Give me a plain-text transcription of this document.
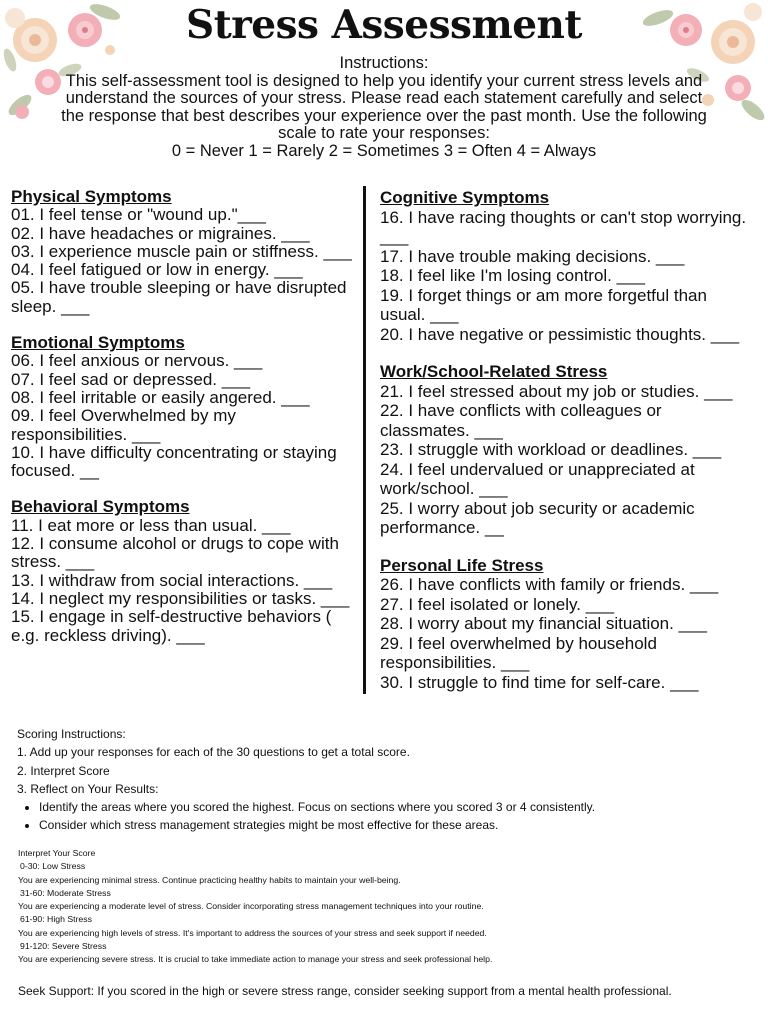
Stress Assessment

Instructions:

This self-assessment tool is designed to help you identify your current stress levels and understand the sources of your stress. Please read each statement carefully and select the response that best describes your experience over the past month. Use the following scale to rate your responses:

0 = Never 1 = Rarely 2 = Sometimes 3 = Often 4 = Always

Physical Symptoms

01. I feel tense or "wound up."___

02. I have headaches or migraines. ___

03. I experience muscle pain or stiffness. ___

04. I feel fatigued or low in energy. ___

05. I have trouble sleeping or have disrupted sleep. ___

Emotional Symptoms

06. I feel anxious or nervous. ___

07. I feel sad or depressed. ___

08. I feel irritable or easily angered. ___

09. I feel Overwhelmed by my responsibilities. ___

10. I have difficulty concentrating or staying focused. __

Behavioral Symptoms

11. I eat more or less than usual. ___

12. I consume alcohol or drugs to cope with stress. ___

13. I withdraw from social interactions. ___

14. I neglect my responsibilities or tasks. ___

15. I engage in self-destructive behaviors ( e.g. reckless driving). ___

Cognitive Symptoms

16. I have racing thoughts or can't stop worrying. ___

17. I have trouble making decisions. ___

18. I feel like I'm losing control. ___

19. I forget things or am more forgetful than usual. ___

20. I have negative or pessimistic thoughts. ___

Work/School-Related Stress

21. I feel stressed about my job or studies. ___

22. I have conflicts with colleagues or classmates. ___

23. I struggle with workload or deadlines. ___

24. I feel undervalued or unappreciated at work/school. ___

25. I worry about job security or academic performance. __

Personal Life Stress

26. I have conflicts with family or friends. ___

27. I feel isolated or lonely. ___

28. I worry about my financial situation. ___

29. I feel overwhelmed by household responsibilities. ___

30. I struggle to find time for self-care. ___

Scoring Instructions:

1. Add up your responses for each of the 30 questions to get a total score.

2. Interpret Score

3. Reflect on Your Results:

• Identify the areas where you scored the highest. Focus on sections where you scored 3 or 4 consistently.
• Consider which stress management strategies might be most effective for these areas.

Interpret Your Score

0-30: Low Stress

You are experiencing minimal stress. Continue practicing healthy habits to maintain your well-being.

31-60: Moderate Stress

You are experiencing a moderate level of stress. Consider incorporating stress management techniques into your routine.

61-90: High Stress

You are experiencing high levels of stress. It's important to address the sources of your stress and seek support if needed.

91-120: Severe Stress

You are experiencing severe stress. It is crucial to take immediate action to manage your stress and seek professional help.

Seek Support: If you scored in the high or severe stress range, consider seeking support from a mental health professional.
